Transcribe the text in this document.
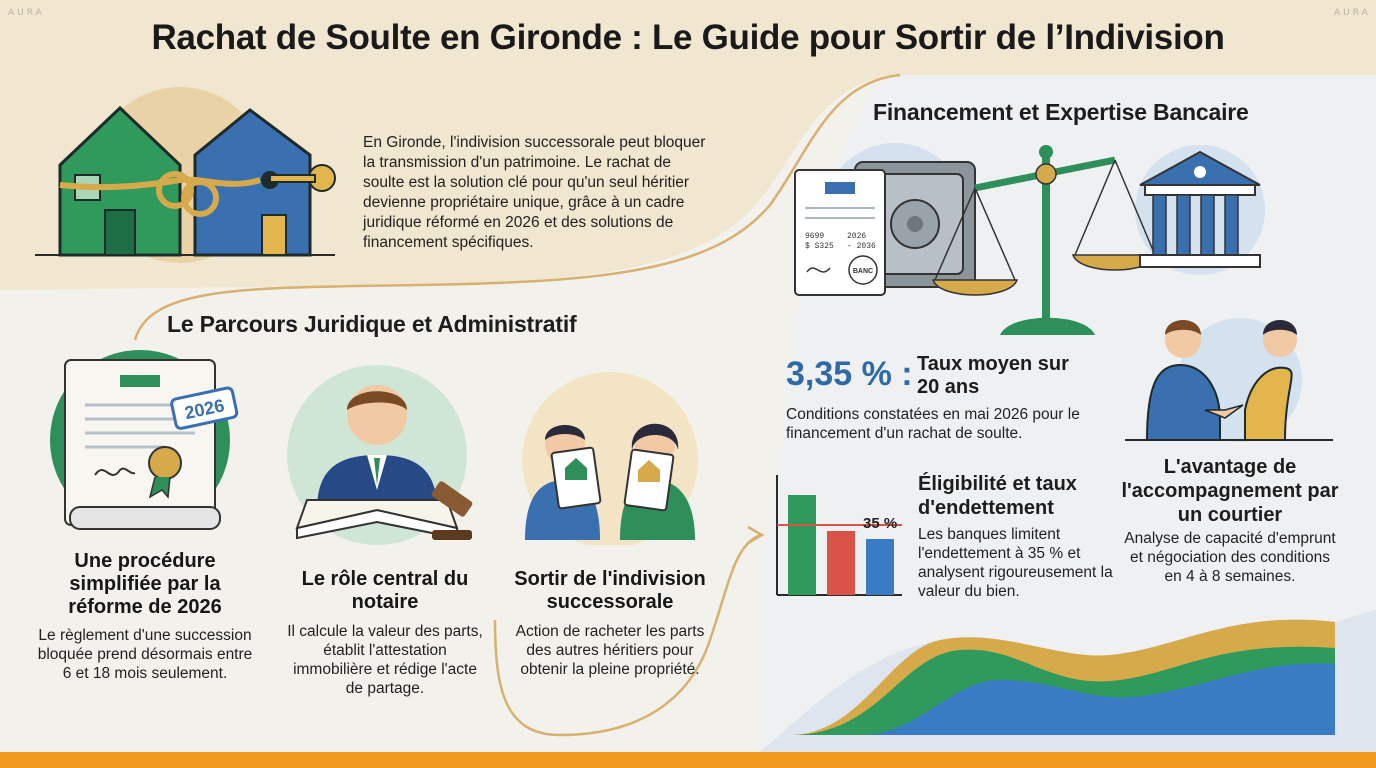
AURA	AURA
Rachat de Soulte en Gironde : Le Guide pour Sortir de l’Indivision
En Gironde, l'indivision successorale peut bloquer la transmission d'un patrimoine. Le rachat de soulte est la solution clé pour qu'un seul héritier devienne propriétaire unique, grâce à un cadre juridique réformé en 2026 et des solutions de financement spécifiques.
Le Parcours Juridique et Administratif
2026
Une procédure simplifiée par la réforme de 2026
Le règlement d'une succession bloquée prend désormais entre 6 et 18 mois seulement.
Le rôle central du notaire
Il calcule la valeur des parts, établit l'attestation immobilière et rédige l'acte de partage.
Sortir de l'indivision successorale
Action de racheter les parts des autres héritiers pour obtenir la pleine propriété.
Financement et Expertise Bancaire
9699
$ S325
2026
- 2036
BANC
3,35 % : Taux moyen sur 20 ans
Conditions constatées en mai 2026 pour le financement d'un rachat de soulte.
35 %
Éligibilité et taux d'endettement
Les banques limitent l'endettement à 35 % et analysent rigoureusement la valeur du bien.
L'avantage de l'accompagnement par un courtier
Analyse de capacité d'emprunt et négociation des conditions en 4 à 8 semaines.
